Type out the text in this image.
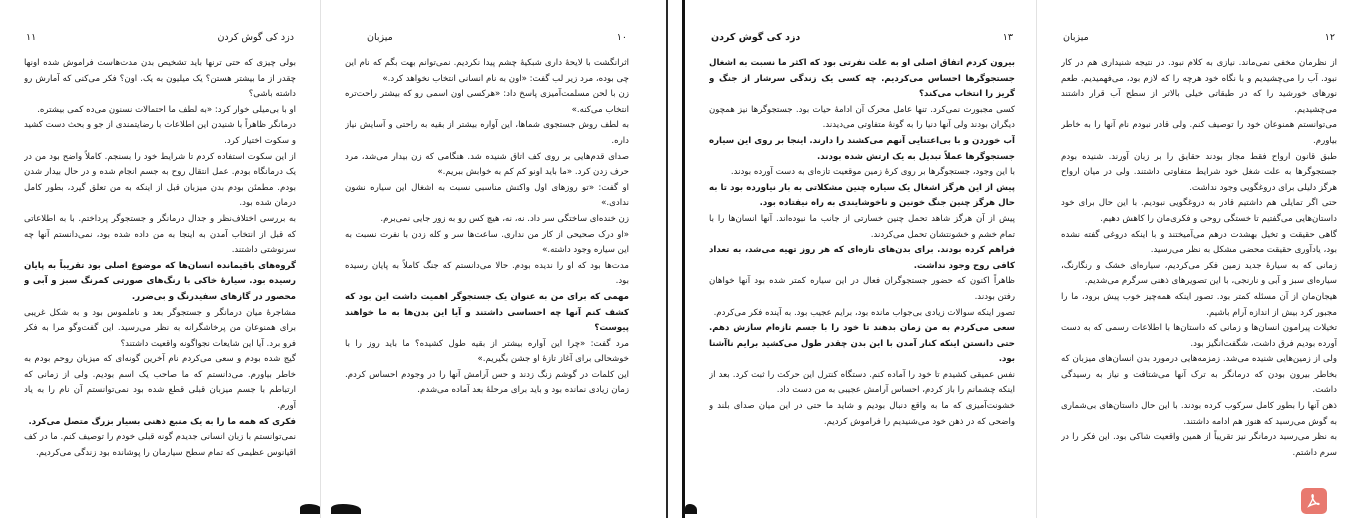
۱۱	دزد کی گوش کردن

بولی چیزی که حتی ترنها باید تشخیص بدن مدت‌هاست فراموش شده اونها چقدر از ما بیشتر هستن؟ یک میلیون به یک. اون؟ فکر می‌کنی که آمارش رو داشته باشی؟

او با بی‌میلی خوار کرد: «به لطف ما احتمالات نسنون می‌ده کمی بیشتره.

درمانگر ظاهراً با شنیدن این اطلاعات با رضایتمندی از جو و بحث دست کشید و سکوت اختیار کرد.

از این سکوت استفاده کردم تا شرایط خود را بسنجم. کاملاً واضح بود من در یک درمانگاه بودم. عمل انتقال روح به جسم انجام شده و در حال بیدار شدن بودم. مطمئن بودم بدن میزبان قبل از اینکه به من تعلق گیرد، بطور کامل درمان شده بود.

به بررسی اختلاف‌نظر و جدال درمانگر و جستجوگر پرداختم. با به اطلاعاتی که قبل از انتخاب آمدن به اینجا به من داده شده بود، نمی‌دانستم آنها چه سرنوشتی داشتند.

گروه‌های باقیمانده انسان‌ها که موضوع اصلی بود تقریباً به پایان رسیده بود. سیارۀ خاکی با رنگ‌های صورتی کمرنگ سبز و آبی و محصور در گازهای سفیدرنگ و بی‌ضرر.

مشاجرۀ میان درمانگر و جستجوگر بعد و ناملموس بود و به شکل غریبی برای همنوعان من پرخاشگرانه به نظر می‌رسید. این گفت‌وگو مرا به فکر فرو برد. آیا این شایعات نجواگونه واقعیت داشتند؟

گیج شده بودم و سعی می‌کردم نام آخرین گونه‌ای که میزبان روحم بودم به خاطر بیاورم. می‌دانستم که ما صاحب یک اسم بودیم. ولی از زمانی که ارتباطم با جسم میزبان قبلی قطع شده بود نمی‌توانستم آن نام را به یاد آورم.

فکری که همه ما را به یک منبع ذهنی بسیار بزرگ متصل می‌کرد.

نمی‌توانستم با زبان انسانی جدیدم گونه قبلی خودم را توصیف کنم. ما در کف اقیانوس عظیمی که تمام سطح سیارمان را پوشانده بود زندگی می‌کردیم.

۱۰
میزبان

اثرانگشت با لایحۀ داری شبکیۀ چشم پیدا نکردیم. نمی‌توانم بهت بگم که نام این چی بوده، مرد زیر لب گفت: «اون به نام انسانی انتخاب نخواهد کرد.»

زن با لحن مسلمت‌آمیزی پاسخ داد: «هرکسی اون اسمی رو که بیشتر راحت‌تره انتخاب می‌کنه.»

به لطف روش جستجوی شماها، این آواره بیشتر از بقیه به راحتی و آسایش نیاز داره.

صدای قدم‌هایی بر روی کف اتاق شنیده شد. هنگامی که زن بیدار می‌شد، مرد حرف زدن کرد. «ما باید اونو کم کم به خوابش ببریم.»

او گفت: «تو روزهای اول واکنش مناسبی نسبت به اشغال این سیاره نشون ندادی.»

زن خنده‌ای ساختگی سر داد. نه، نه، هیچ کس رو به زور جایی نمی‌برم.

«او درک صحیحی از کار من نداری. ساعت‌ها سر و کله زدن با نفرت نسبت به این سیاره وجود داشته.»

مدت‌ها بود که او را ندیده بودم. حالا می‌دانستم که جنگ کاملاً به پایان رسیده بود.

مهمی که برای من به عنوان یک جستجوگر اهمیت داشت این بود که کشف کنم آنها چه احساسی داشتند و آیا این بدن‌ها به ما خواهند پیوست؟

مرد گفت: «چرا این آواره بیشتر از بقیه طول کشیده؟ ما باید روز را با خوشحالی برای آغاز تازۀ او جشن بگیریم.»

این کلمات در گوشم زنگ زدند و حس آرامش آنها را در وجودم احساس کردم. زمان زیادی نمانده بود و باید برای مرحلۀ بعد آماده می‌شدم.

دزد کی گوش کردن	۱۳

بیرون کردم اتفاق اصلی او به علت نفرتی بود که اکثر ما نسبت به اشغال جستجوگرها احساس می‌کردیم. چه کسی یک زندگی سرشار از جنگ و گریز را انتخاب می‌کند؟

کسی مجبورت نمی‌کرد. تنها عامل محرک آن ادامۀ حیات بود. جستجوگرها نیز همچون دیگران بودند ولی آنها دنیا را به گونۀ متفاوتی می‌دیدند.

آب خوردن و با بی‌اعتنایی آنهم می‌کشند را دارند. اینجا بر روی این سیاره جستجوگرها عملاً تبدیل به یک ارتش شده بودند.

با این وجود، جستجوگرها بر روی کرۀ زمین موقعیت تازه‌ای به دست آورده بودند.

پیش از این هرگز اشغال یک سیاره چنین مشکلاتی به بار نیاورده بود تا به حال هرگز چنین جنگ خونین و ناخوشایندی به راه نیفتاده بود.

پیش از آن هرگز شاهد تحمل چنین خسارتی از جانب ما نبوده‌اند. آنها انسان‌ها را با تمام خشم و خشونتشان تحمل می‌کردند.

فراهم کرده بودند. برای بدن‌های تازه‌ای که هر روز تهیه می‌شد، به تعداد کافی روح وجود نداشت.

ظاهراً اکنون که حضور جستجوگران فعال در این سیاره کمتر شده بود آنها خواهان رفتن بودند.

تصور اینکه سوالات زیادی بی‌جواب مانده بود، برایم عجیب بود. به آینده فکر می‌کردم.

سعی می‌کردم به من زمان بدهند تا خود را با جسم تازه‌ام سازش دهم. حتی دانستن اینکه کنار آمدن با این بدن چقدر طول می‌کشید برایم ناآشنا بود.

نفس عمیقی کشیدم تا خود را آماده کنم. دستگاه کنترل این حرکت را ثبت کرد. بعد از اینکه چشمانم را باز کردم، احساس آرامش عجیبی به من دست داد.

خشونت‌آمیزی که ما به واقع دنبال بودیم و شاید ما حتی در این میان صدای بلند و واضحی که در ذهن خود می‌شنیدیم را فراموش کردیم.

میزبان	۱۲

از نظرمان مخفی نمی‌ماند. نیازی به کلام نبود. در نتیجه شنیداری هم در کار نبود. آب را می‌چشیدیم و با نگاه خود هرچه را که لازم بود، می‌فهمیدیم. طعم نورهای خورشید را که در طبقاتی خیلی بالاتر از سطح آب قرار داشتند می‌چشیدیم.

می‌توانستم همنوعان خود را توصیف کنم. ولی قادر نبودم نام آنها را به خاطر بیاورم.

طبق قانون ارواح فقط مجاز بودند حقایق را بر زبان آورند. شنیده بودم جستجوگرها به علت شغل خود شرایط متفاوتی داشتند. ولی در میان ارواح هرگز دلیلی برای دروغگویی وجود نداشت.

حتی اگر تمایلی هم داشتیم قادر به دروغگویی نبودیم. با این حال برای خود داستان‌هایی می‌گفتیم تا خستگی روحی و فکری‌مان را کاهش دهیم.

گاهی حقیقت و تخیل بهشدت درهم می‌آمیختند و با اینکه دروغی گفته نشده بود، یادآوری حقیقت محضی مشکل به نظر می‌رسید.

زمانی که به سیارۀ جدید زمین فکر می‌کردیم، سیاره‌ای خشک و رنگارنگ، سیاره‌ای سبز و آبی و نارنجی، با این تصویرهای ذهنی سرگرم می‌شدیم.

هیجان‌مان از آن مسئله کمتر بود. تصور اینکه همه‌چیز خوب پیش برود، ما را مجبور کرد بیش از اندازه آرام باشیم.

تخیلات پیرامون انسان‌ها و زمانی که داستان‌ها با اطلاعات رسمی که به دست آورده بودیم فرق داشت، شگفت‌انگیز بود.

ولی از زمین‌هایی شنیده می‌شد. زمزمه‌هایی درمورد بدن انسان‌های میزبان که بخاطر بیرون بودن که درمانگر به ترک آنها می‌شتافت و نیاز به رسیدگی داشت.

ذهن آنها را بطور کامل سرکوب کرده بودند. با این حال داستان‌های بی‌شماری به گوش می‌رسید که هنوز هم ادامه داشتند.

به نظر می‌رسید درمانگر نیز تقریباً از همین واقعیت شاکی بود. این فکر را در سرم داشتم.
